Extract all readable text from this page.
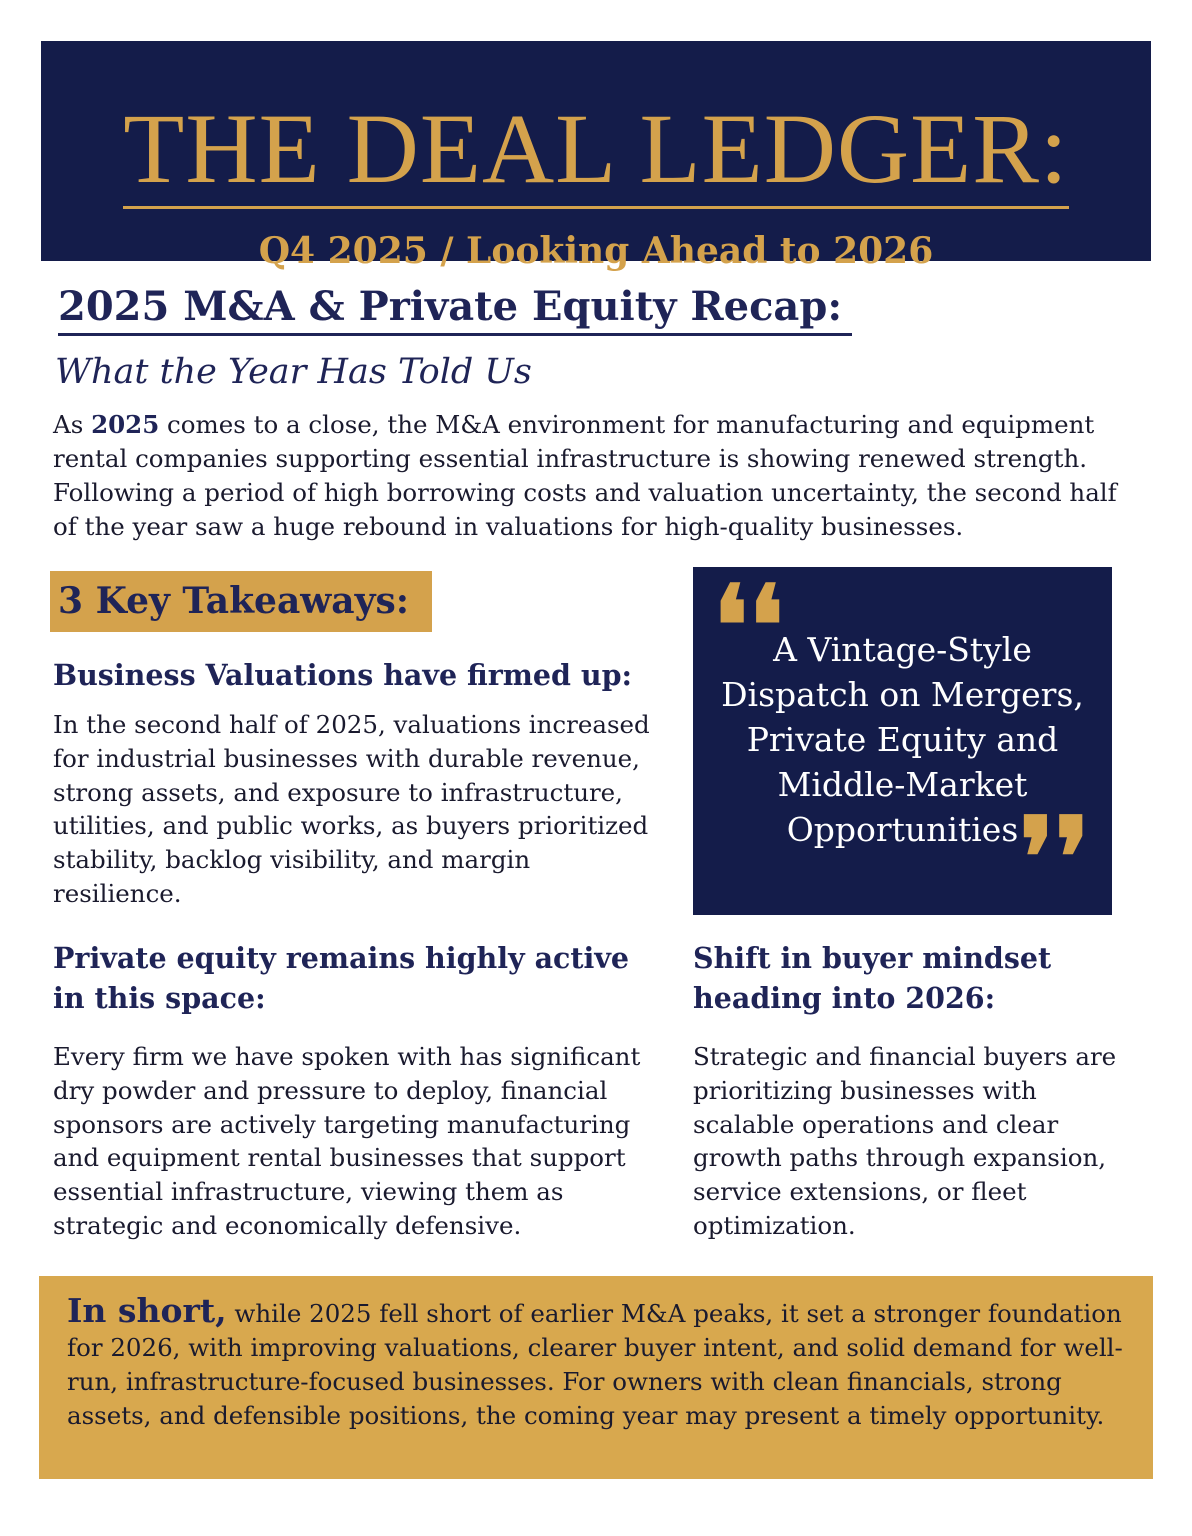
THE DEAL LEDGER:
Q4 2025 / Looking Ahead to 2026
2025 M&A & Private Equity Recap:
What the Year Has Told Us
As 2025 comes to a close, the M&A environment for manufacturing and equipment rental companies supporting essential infrastructure is showing renewed strength. Following a period of high borrowing costs and valuation uncertainty, the second half of the year saw a huge rebound in valuations for high-quality businesses.
3 Key Takeaways:	❛❛
A Vintage-Style Dispatch on Mergers, Private Equity and Middle-Market Opportunities ❜❜
Business Valuations have firmed up:
In the second half of 2025, valuations increased for industrial businesses with durable revenue, strong assets, and exposure to infrastructure, utilities, and public works, as buyers prioritized stability, backlog visibility, and margin resilience.
Private equity remains highly active in this space:
Every firm we have spoken with has significant dry powder and pressure to deploy, financial sponsors are actively targeting manufacturing and equipment rental businesses that support essential infrastructure, viewing them as strategic and economically defensive.
Shift in buyer mindset heading into 2026:
Strategic and financial buyers are prioritizing businesses with scalable operations and clear growth paths through expansion, service extensions, or fleet optimization.
In short, while 2025 fell short of earlier M&A peaks, it set a stronger foundation for 2026, with improving valuations, clearer buyer intent, and solid demand for well-run, infrastructure-focused businesses. For owners with clean financials, strong assets, and defensible positions, the coming year may present a timely opportunity.
